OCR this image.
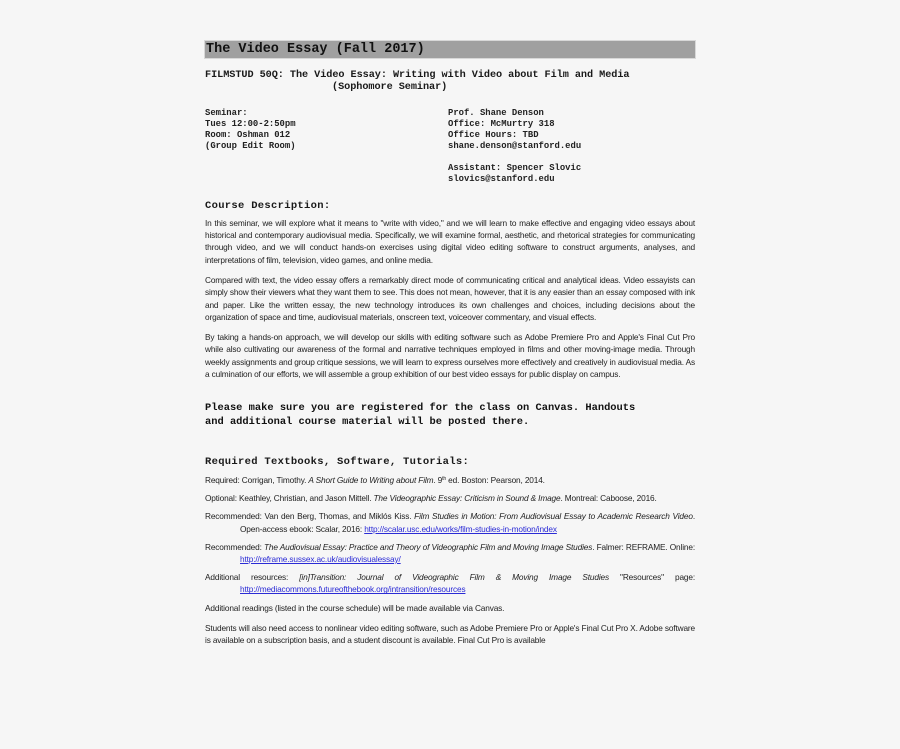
The Video Essay (Fall 2017)
FILMSTUD 50Q: The Video Essay: Writing with Video about Film and Media
(Sophomore Seminar)
Seminar:
Tues 12:00-2:50pm
Room: Oshman 012
(Group Edit Room)
Prof. Shane Denson
Office: McMurtry 318
Office Hours: TBD
shane.denson@stanford.edu
Assistant: Spencer Slovic
slovics@stanford.edu
Course Description:

In this seminar, we will explore what it means to "write with video," and we will learn to make effective and engaging video essays about historical and contemporary audiovisual media. Specifically, we will examine formal, aesthetic, and rhetorical strategies for communicating through video, and we will conduct hands-on exercises using digital video editing software to construct arguments, analyses, and interpretations of film, television, video games, and online media.

Compared with text, the video essay offers a remarkably direct mode of communicating critical and analytical ideas. Video essayists can simply show their viewers what they want them to see. This does not mean, however, that it is any easier than an essay composed with ink and paper. Like the written essay, the new technology introduces its own challenges and choices, including decisions about the organization of space and time, audiovisual materials, onscreen text, voiceover commentary, and visual effects.

By taking a hands-on approach, we will develop our skills with editing software such as Adobe Premiere Pro and Apple's Final Cut Pro while also cultivating our awareness of the formal and narrative techniques employed in films and other moving-image media. Through weekly assignments and group critique sessions, we will learn to express ourselves more effectively and creatively in audiovisual media. As a culmination of our efforts, we will assemble a group exhibition of our best video essays for public display on campus.

Please make sure you are registered for the class on Canvas. Handouts
and additional course material will be posted there.
Required Textbooks, Software, Tutorials:
Required: Corrigan, Timothy. A Short Guide to Writing about Film. 9th ed. Boston: Pearson, 2014.
Optional: Keathley, Christian, and Jason Mittell. The Videographic Essay: Criticism in Sound & Image. Montreal: Caboose, 2016.
Recommended: Van den Berg, Thomas, and Miklós Kiss. Film Studies in Motion: From Audiovisual Essay to Academic Research Video. Open-access ebook: Scalar, 2016: http://scalar.usc.edu/works/film-studies-in-motion/index
Recommended: The Audiovisual Essay: Practice and Theory of Videographic Film and Moving Image Studies. Falmer: REFRAME. Online: http://reframe.sussex.ac.uk/audiovisualessay/
Additional resources: [in]Transition: Journal of Videographic Film & Moving Image Studies "Resources" page: http://mediacommons.futureofthebook.org/intransition/resources

Additional readings (listed in the course schedule) will be made available via Canvas.

Students will also need access to nonlinear video editing software, such as Adobe Premiere Pro or Apple's Final Cut Pro X. Adobe software is available on a subscription basis, and a student discount is available. Final Cut Pro is available
